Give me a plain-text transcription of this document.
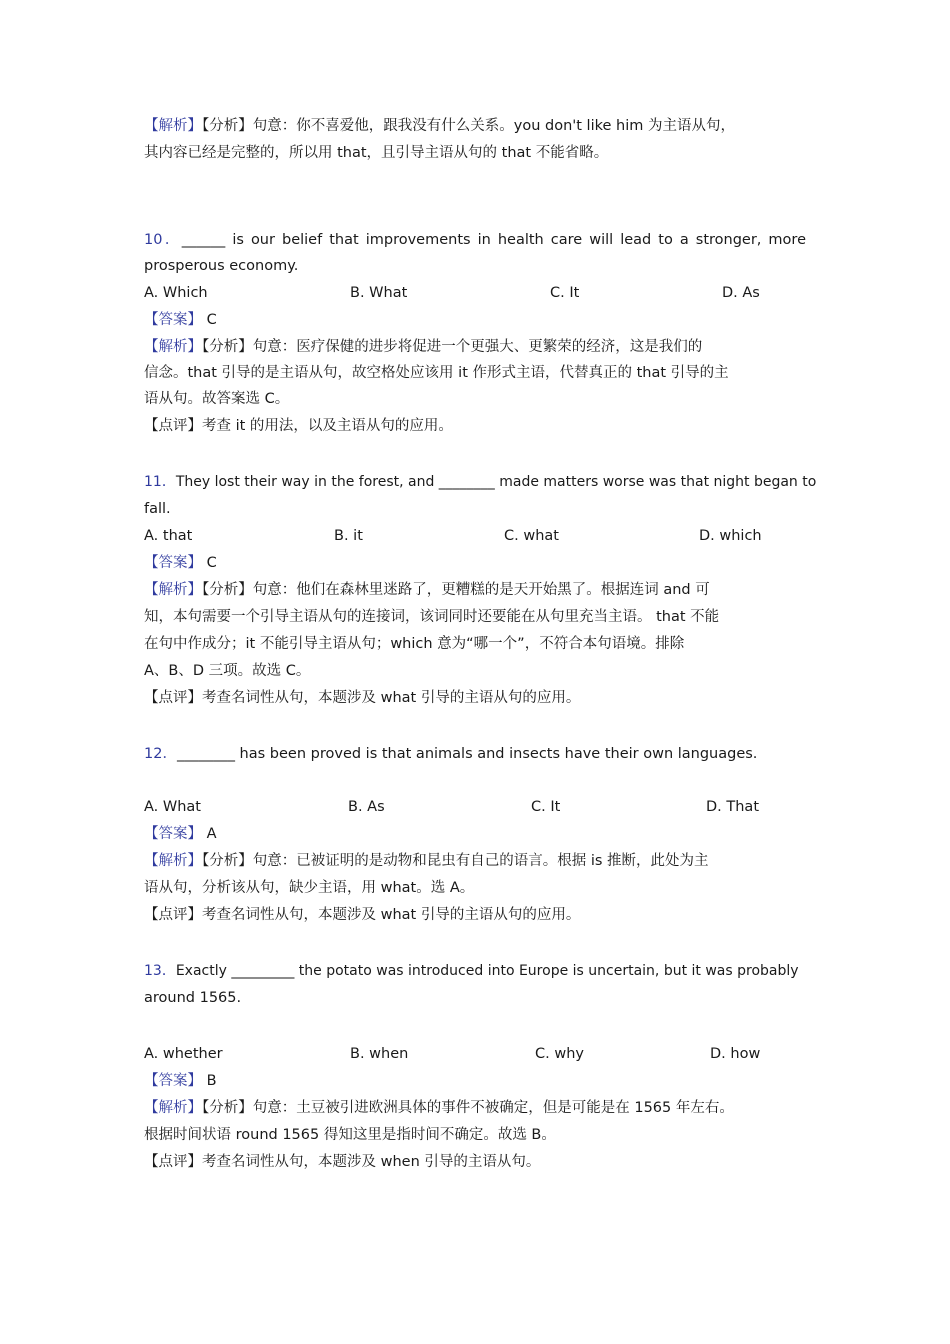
【解析】【分析】句意：你不喜爱他，跟我没有什么关系。you don't like him 为主语从句，
其内容已经是完整的，所以用 that，且引导主语从句的 that 不能省略。
10．______ is our belief that improvements in health care will lead to a stronger, more
prosperous economy.
A. Which	B. What	C. It	D. As
【答案】 C
【解析】【分析】句意：医疗保健的进步将促进一个更强大、更繁荣的经济，这是我们的
信念。that 引导的是主语从句，故空格处应该用 it 作形式主语，代替真正的 that 引导的主
语从句。故答案选 C。
【点评】考查 it 的用法，以及主语从句的应用。
11．They lost their way in the forest, and ________ made matters worse was that night began to
fall.
A. that	B. it	C. what	D. which
【答案】 C
【解析】【分析】句意：他们在森林里迷路了，更糟糕的是天开始黑了。根据连词 and 可
知，本句需要一个引导主语从句的连接词，该词同时还要能在从句里充当主语。 that 不能
在句中作成分；it 不能引导主语从句；which 意为“哪一个”，不符合本句语境。排除
A、B、D 三项。故选 C。
【点评】考查名词性从句，本题涉及 what 引导的主语从句的应用。
12．________ has been proved is that animals and insects have their own languages.
A. What	B. As	C. It	D. That
【答案】 A
【解析】【分析】句意：已被证明的是动物和昆虫有自己的语言。根据 is 推断，此处为主
语从句，分析该从句，缺少主语，用 what。选 A。
【点评】考查名词性从句，本题涉及 what 引导的主语从句的应用。
13．Exactly _________ the potato was introduced into Europe is uncertain, but it was probably
around 1565.
A. whether	B. when	C. why	D. how
【答案】 B
【解析】【分析】句意：土豆被引进欧洲具体的事件不被确定，但是可能是在 1565 年左右。
根据时间状语 round 1565 得知这里是指时间不确定。故选 B。
【点评】考查名词性从句，本题涉及 when 引导的主语从句。
